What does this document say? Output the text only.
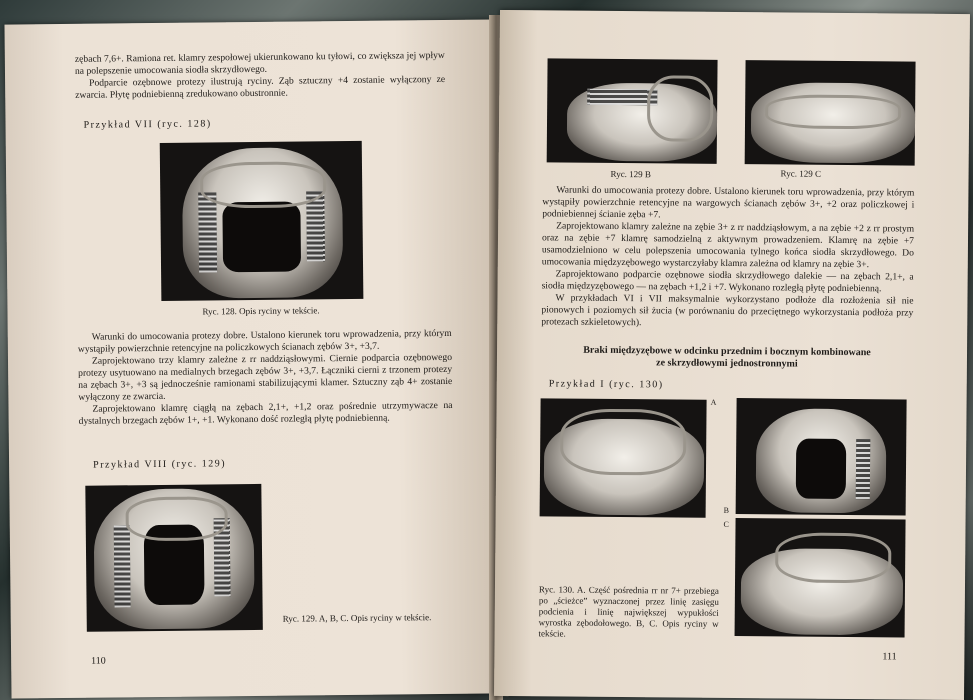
zębach 7,6+. Ramiona ret. klamry zespołowej ukierunkowano ku tyłowi, co zwiększa jej wpływ na polepszenie umocowania siodła skrzydłowego.

Podparcie ozębnowe protezy ilustrują ryciny. Ząb sztuczny +4 zostanie wyłączony ze zwarcia. Płytę podniebienną zredukowano obustronnie.

Przykład VII (ryc. 128)
Ryc. 128. Opis ryciny w tekście.

Warunki do umocowania protezy dobre. Ustalono kierunek toru wprowadzenia, przy którym wystąpiły powierzchnie retencyjne na policzkowych ścianach zębów 3+, +3,7.

Zaprojektowano trzy klamry zależne z rr naddziąsłowymi. Ciernie podparcia ozębnowego protezy usytuowano na medialnych brzegach zębów 3+, +3,7. Łączniki cierni z trzonem protezy na zębach 3+, +3 są jednocześnie ramionami stabilizującymi klamer. Sztuczny ząb 4+ zostanie wyłączony ze zwarcia.

Zaprojektowano klamrę ciągłą na zębach 2,1+, +1,2 oraz pośrednie utrzymywacze na dystalnych brzegach zębów 1+, +1. Wykonano dość rozległą płytę podniebienną.

Przykład VIII (ryc. 129)
Ryc. 129. A, B, C. Opis ryciny w tekście.
110
Ryc. 129 B	Ryc. 129 C

Warunki do umocowania protezy dobre. Ustalono kierunek toru wprowadzenia, przy którym wystąpiły powierzchnie retencyjne na wargowych ścianach zębów 3+, +2 oraz policzkowej i podniebiennej ścianie zęba +7.

Zaprojektowano klamry zależne na zębie 3+ z rr naddziąsłowym, a na zębie +2 z rr prostym oraz na zębie +7 klamrę samodzielną z aktywnym prowadzeniem. Klamrę na zębie +7 usamodzielniono w celu polepszenia umocowania tylnego końca siodła skrzydłowego. Do umocowania międzyzębowego wystarczyłaby klamra zależna od klamry na zębie 3+.

Zaprojektowano podparcie ozębnowe siodła skrzydłowego dalekie — na zębach 2,1+, a siodła międzyzębowego — na zębach +1,2 i +7. Wykonano rozległą płytę podniebienną.

W przykładach VI i VII maksymalnie wykorzystano podłoże dla rozłożenia sił nie pionowych i poziomych sił żucia (w porównaniu do przeciętnego wykorzystania podłoża przy protezach szkieletowych).

Braki międzyzębowe w odcinku przednim i bocznym kombinowane
ze skrzydłowymi jednostronnymi
Przykład I (ryc. 130)
A
B
C
Ryc. 130. A. Część pośrednia rr nr 7+ przebiega po „ścieżce” wyznaczonej przez linię zasięgu podcienia i linię największej wypukłości wyrostka zębodołowego. B, C. Opis ryciny w tekście.
111
